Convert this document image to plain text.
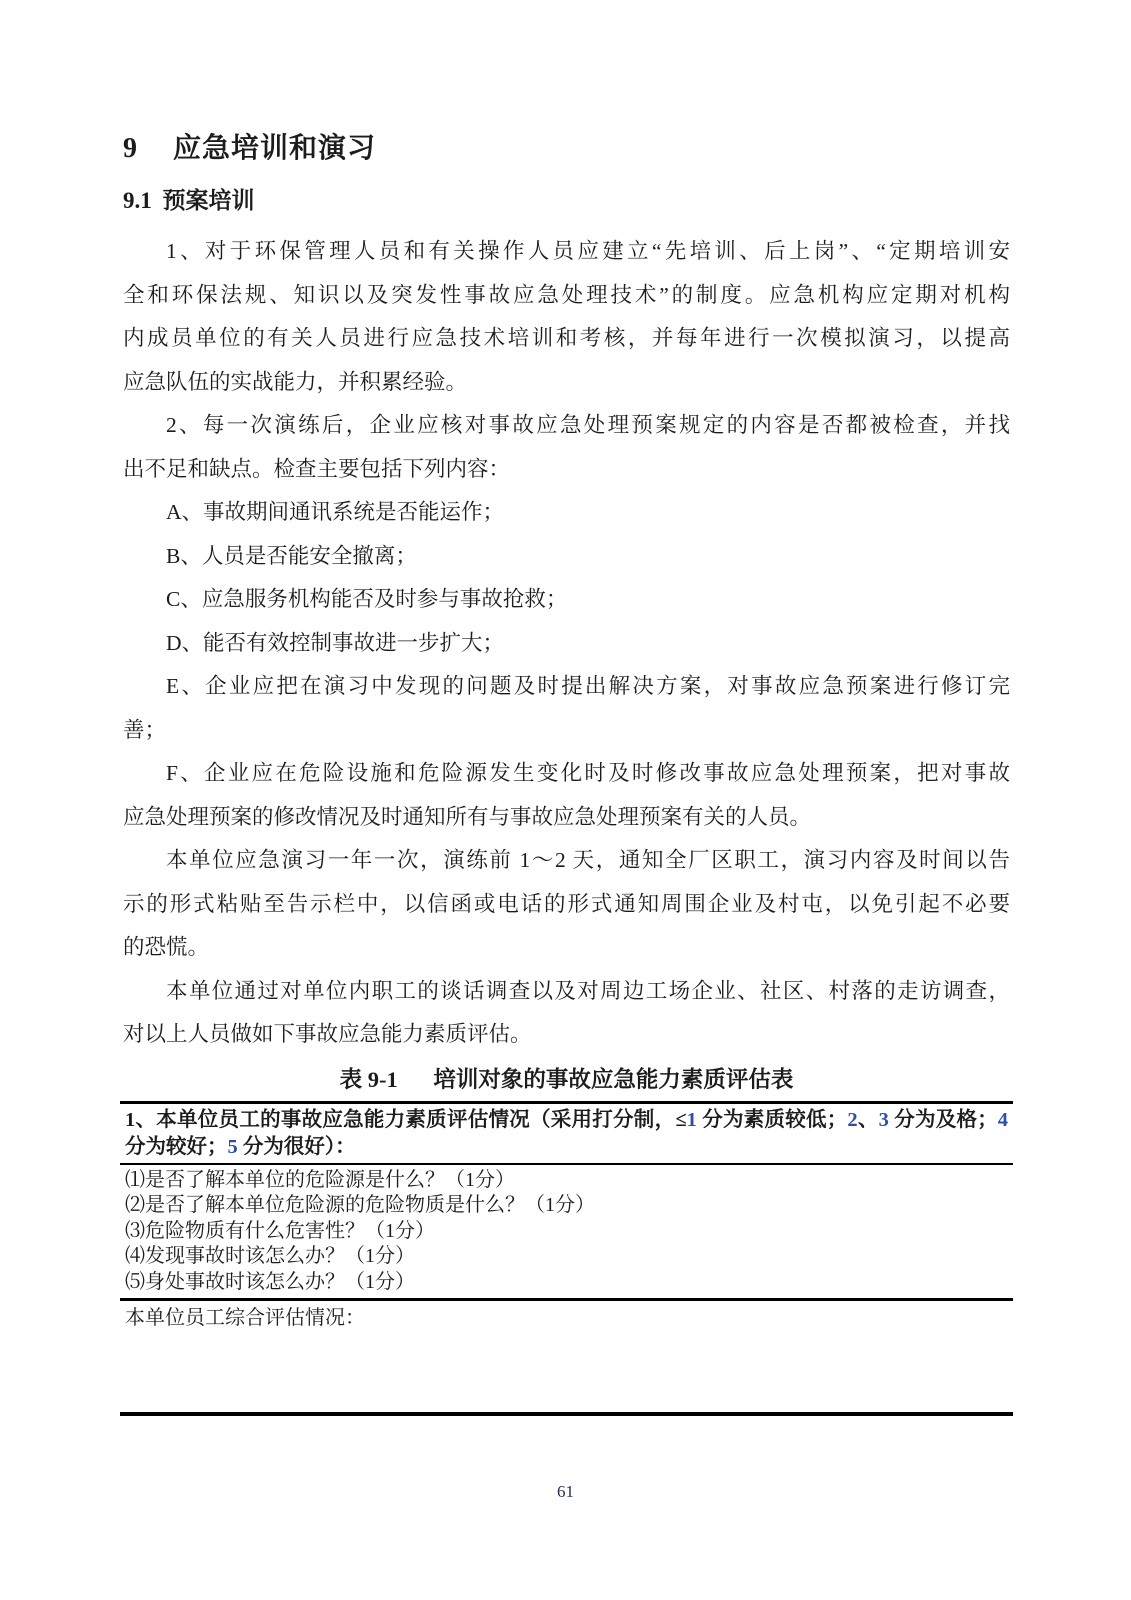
9 应急培训和演习
9.1 预案培训
1、对于环保管理人员和有关操作人员应建立“先培训、后上岗”、“定期培训安
全和环保法规、知识以及突发性事故应急处理技术”的制度。应急机构应定期对机构
内成员单位的有关人员进行应急技术培训和考核，并每年进行一次模拟演习，以提高
应急队伍的实战能力，并积累经验。
2、每一次演练后，企业应核对事故应急处理预案规定的内容是否都被检查，并找
出不足和缺点。检查主要包括下列内容：
A、事故期间通讯系统是否能运作；
B、人员是否能安全撤离；
C、应急服务机构能否及时参与事故抢救；
D、能否有效控制事故进一步扩大；
E、企业应把在演习中发现的问题及时提出解决方案，对事故应急预案进行修订完
善；
F、企业应在危险设施和危险源发生变化时及时修改事故应急处理预案，把对事故
应急处理预案的修改情况及时通知所有与事故应急处理预案有关的人员。
本单位应急演习一年一次，演练前 1～2 天，通知全厂区职工，演习内容及时间以告
示的形式粘贴至告示栏中，以信函或电话的形式通知周围企业及村屯，以免引起不必要
的恐慌。
本单位通过对单位内职工的谈话调查以及对周边工场企业、社区、村落的走访调查，
对以上人员做如下事故应急能力素质评估。
表 9-1 培训对象的事故应急能力素质评估表
1、本单位员工的事故应急能力素质评估情况（采用打分制，≤1 分为素质较低；2、3 分为及格；4
分为较好；5 分为很好）：
⑴是否了解本单位的危险源是什么？（1分）
⑵是否了解本单位危险源的危险物质是什么？（1分）
⑶危险物质有什么危害性？（1分）
⑷发现事故时该怎么办？（1分）
⑸身处事故时该怎么办？（1分）
本单位员工综合评估情况：
61
